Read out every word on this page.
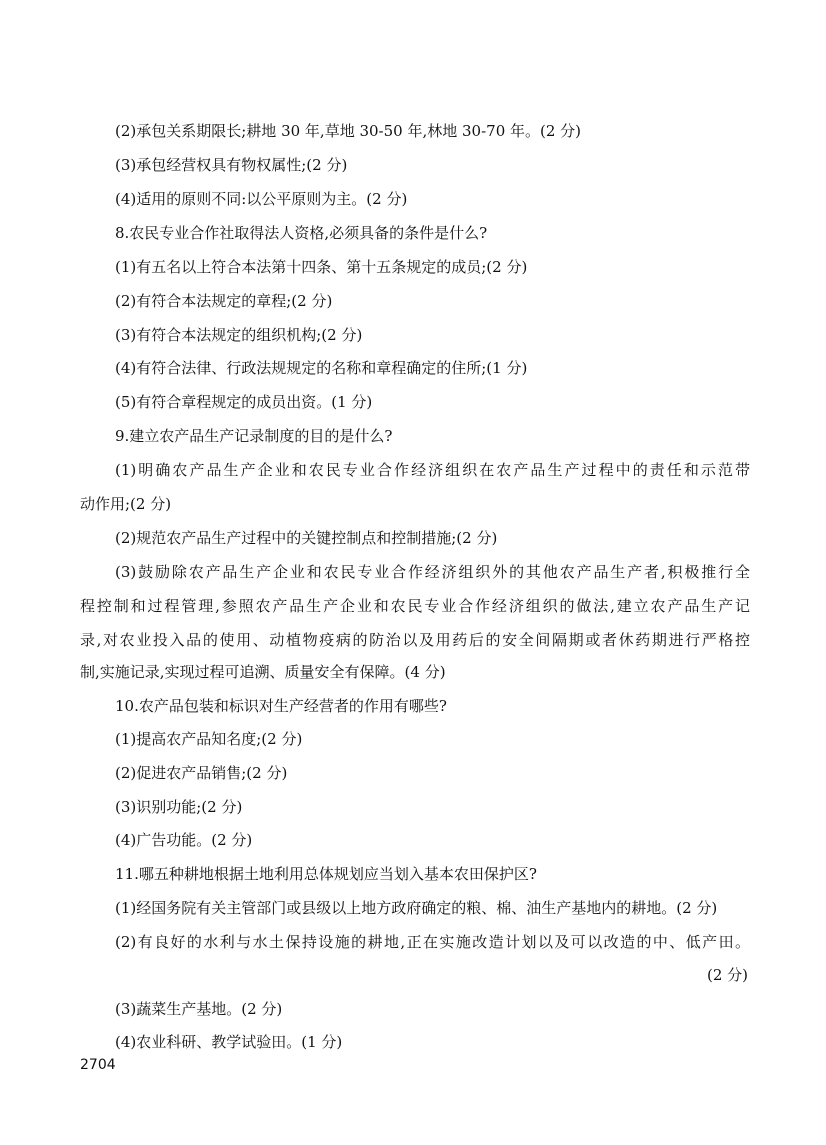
(2)承包关系期限长;耕地 30 年,草地 30-50 年,林地 30-70 年。(2 分)
(3)承包经营权具有物权属性;(2 分)
(4)适用的原则不同:以公平原则为主。(2 分)
8.农民专业合作社取得法人资格,必须具备的条件是什么?
(1)有五名以上符合本法第十四条、第十五条规定的成员;(2 分)
(2)有符合本法规定的章程;(2 分)
(3)有符合本法规定的组织机构;(2 分)
(4)有符合法律、行政法规规定的名称和章程确定的住所;(1 分)
(5)有符合章程规定的成员出资。(1 分)
9.建立农产品生产记录制度的目的是什么?
(1)明确农产品生产企业和农民专业合作经济组织在农产品生产过程中的责任和示范带
动作用;(2 分)
(2)规范农产品生产过程中的关键控制点和控制措施;(2 分)
(3)鼓励除农产品生产企业和农民专业合作经济组织外的其他农产品生产者,积极推行全
程控制和过程管理,参照农产品生产企业和农民专业合作经济组织的做法,建立农产品生产记
录,对农业投入品的使用、动植物疫病的防治以及用药后的安全间隔期或者休药期进行严格控
制,实施记录,实现过程可追溯、质量安全有保障。(4 分)
10.农产品包装和标识对生产经营者的作用有哪些?
(1)提高农产品知名度;(2 分)
(2)促进农产品销售;(2 分)
(3)识别功能;(2 分)
(4)广告功能。(2 分)
11.哪五种耕地根据土地利用总体规划应当划入基本农田保护区?
(1)经国务院有关主管部门或县级以上地方政府确定的粮、棉、油生产基地内的耕地。(2 分)
(2)有良好的水利与水土保持设施的耕地,正在实施改造计划以及可以改造的中、低产田。
(2 分)
(3)蔬菜生产基地。(2 分)
(4)农业科研、教学试验田。(1 分)
2704
